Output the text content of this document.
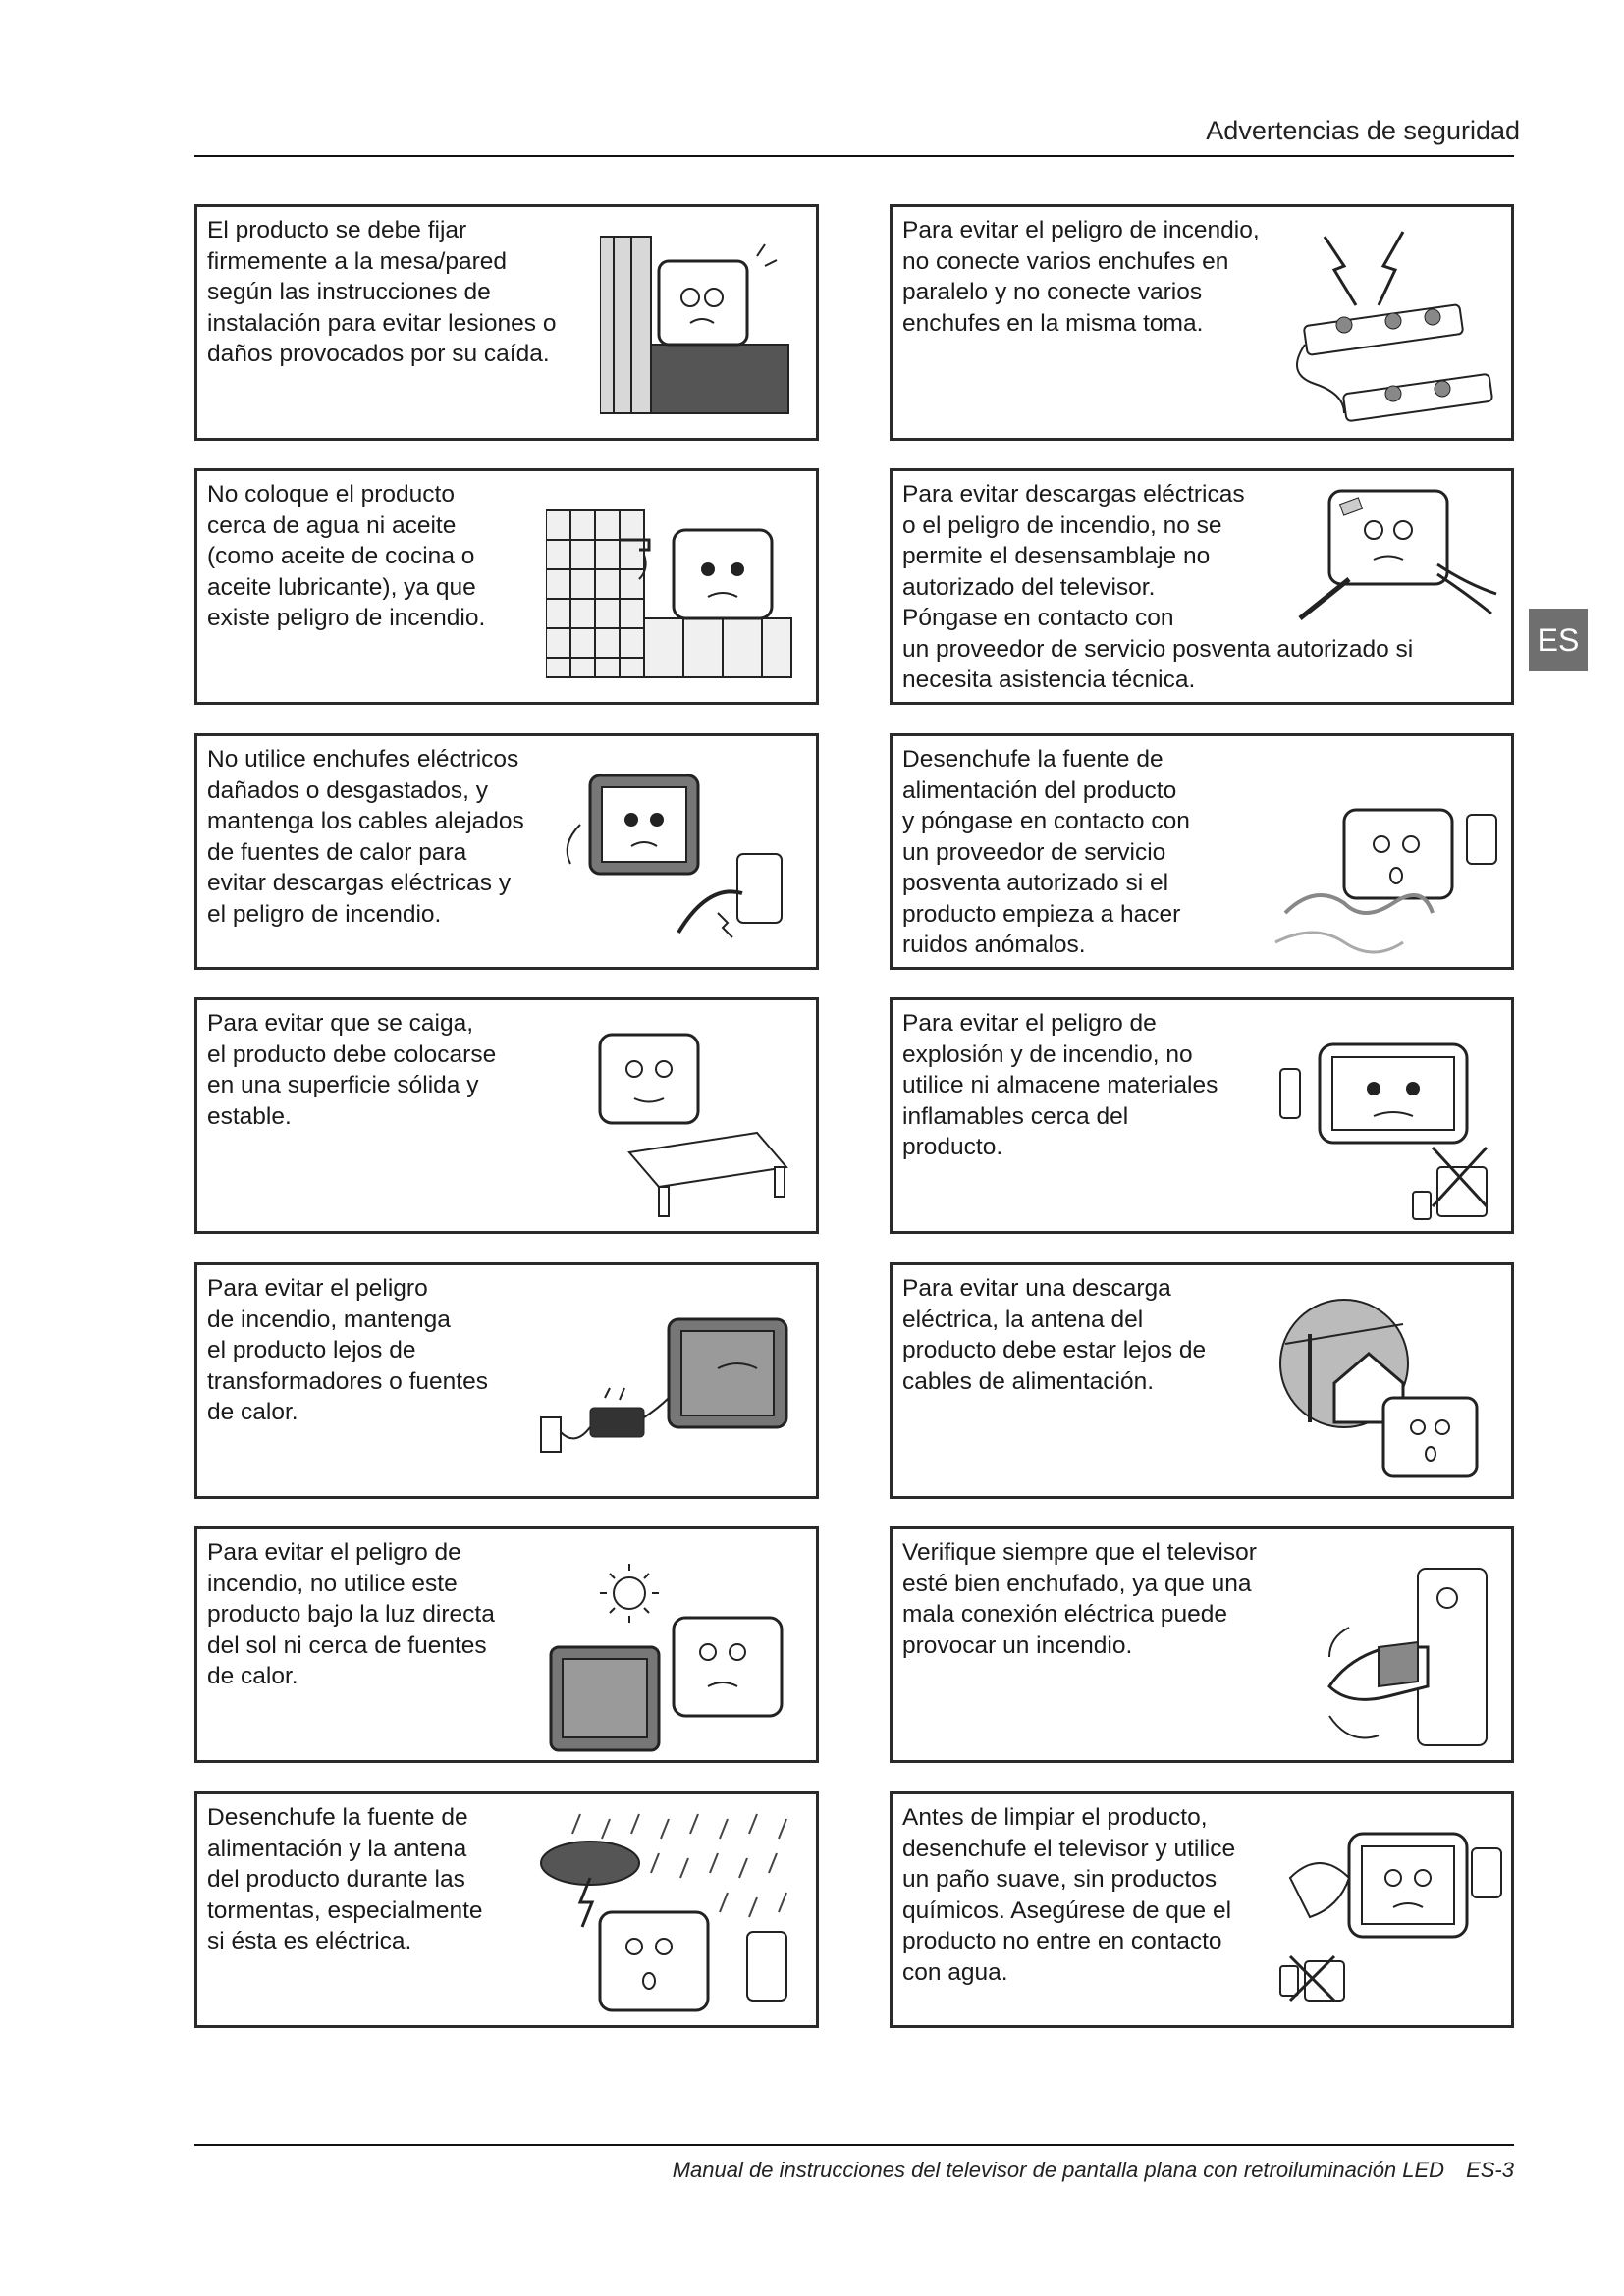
Advertencias de seguridad
ES
El producto se debe fijar
firmemente a la mesa/pared
según las instrucciones de
instalación para evitar lesiones o
daños provocados por su caída.
Para evitar el peligro de incendio,
no conecte varios enchufes en
paralelo y no conecte varios
enchufes en la misma toma.
No coloque el producto
cerca de agua ni aceite
(como aceite de cocina o
aceite lubricante), ya que
existe peligro de incendio.
Para evitar descargas eléctricas
o el peligro de incendio, no se
permite el desensamblaje no
autorizado del televisor.
Póngase en contacto con
un proveedor de servicio posventa autorizado si
necesita asistencia técnica.
No utilice enchufes eléctricos
dañados o desgastados, y
mantenga los cables alejados
de fuentes de calor para
evitar descargas eléctricas y
el peligro de incendio.
Desenchufe la fuente de
alimentación del producto
y póngase en contacto con
un proveedor de servicio
posventa autorizado si el
producto empieza a hacer
ruidos anómalos.
Para evitar que se caiga,
el producto debe colocarse
en una superficie sólida y
estable.
Para evitar el peligro de
explosión y de incendio, no
utilice ni almacene materiales
inflamables cerca del
producto.
Para evitar el peligro
de incendio, mantenga
el producto lejos de
transformadores o fuentes
de calor.
Para evitar una descarga
eléctrica, la antena del
producto debe estar lejos de
cables de alimentación.
Para evitar el peligro de
incendio, no utilice este
producto bajo la luz directa
del sol ni cerca de fuentes
de calor.
Verifique siempre que el televisor
esté bien enchufado, ya que una
mala conexión eléctrica puede
provocar un incendio.
Desenchufe la fuente de
alimentación y la antena
del producto durante las
tormentas, especialmente
si ésta es eléctrica.
Antes de limpiar el producto,
desenchufe el televisor y utilice
un paño suave, sin productos
químicos. Asegúrese de que el
producto no entre en contacto
con agua.
Manual de instrucciones del televisor de pantalla plana con retroiluminación LED ES-3
